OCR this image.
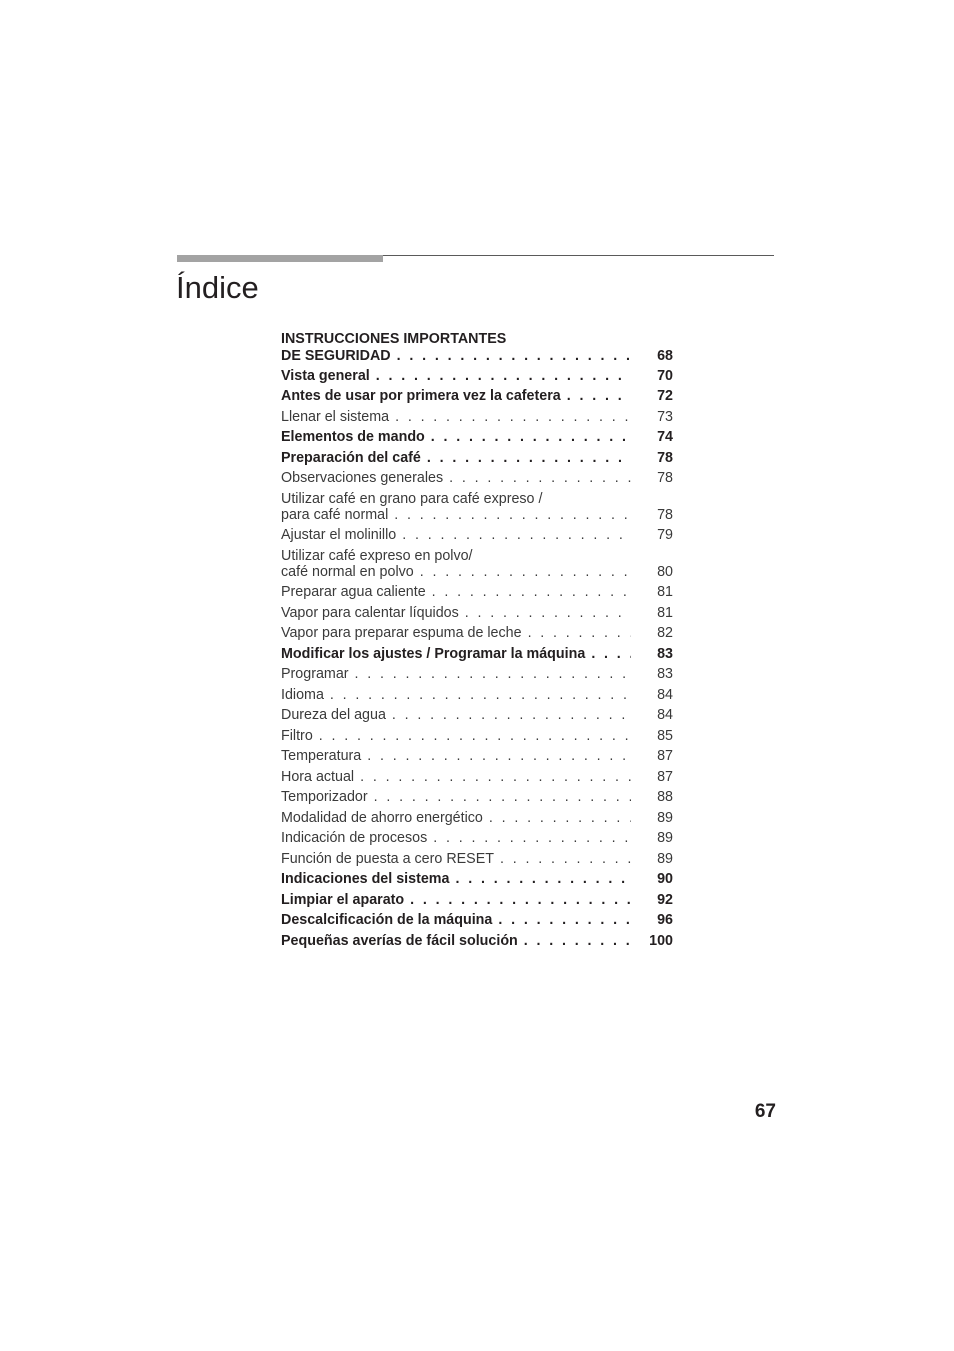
Índice
INSTRUCCIONES IMPORTANTES
DE SEGURIDAD . . .	68
Vista general . . .	70
Antes de usar por primera vez la cafetera . . .	72
Llenar el sistema . . .	73
Elementos de mando . . .	74
Preparación del café . . .	78
Observaciones generales . . .	78
Utilizar café en grano para café expreso /
para café normal . . .	78
Ajustar el molinillo . . .	79
Utilizar café expreso en polvo/
café normal en polvo . . .	80
Preparar agua caliente . . .	81
Vapor para calentar líquidos . . .	81
Vapor para preparar espuma de leche . . .	82
Modificar los ajustes / Programar la máquina . . .	83
Programar . . .	83
Idioma . . .	84
Dureza del agua . . .	84
Filtro . . .	85
Temperatura . . .	87
Hora actual . . .	87
Temporizador . . .	88
Modalidad de ahorro energético . . .	89
Indicación de procesos . . .	89
Función de puesta a cero RESET . . .	89
Indicaciones del sistema . . .	90
Limpiar el aparato . . .	92
Descalcificación de la máquina . . .	96
Pequeñas averías de fácil solución . . .	100
67
